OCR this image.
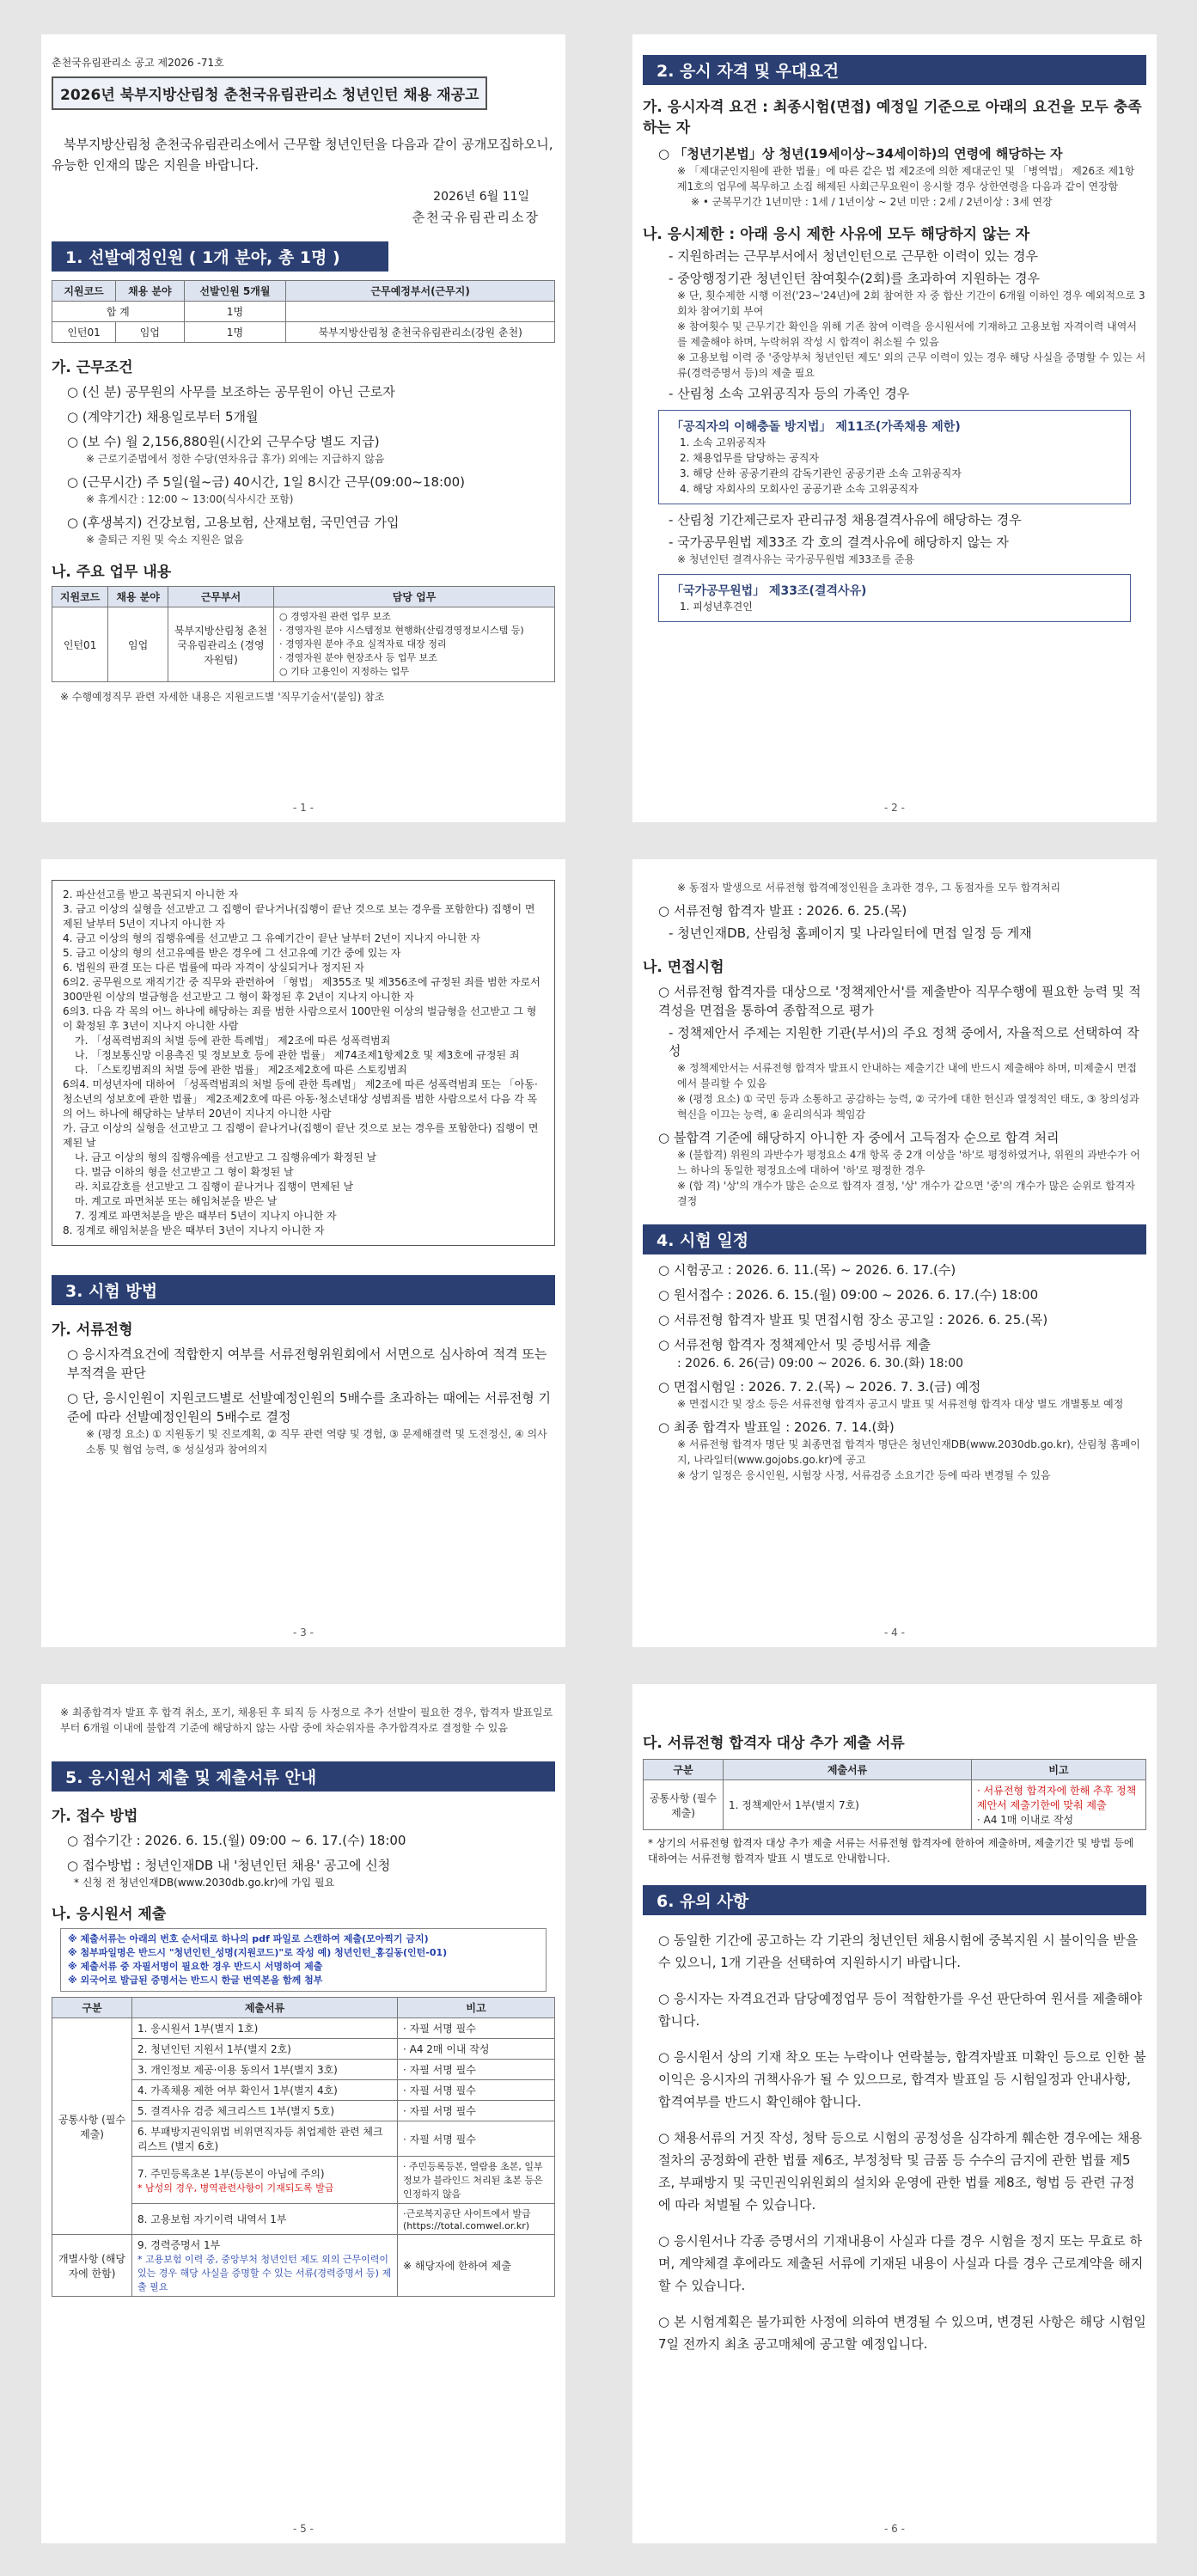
춘천국유림관리소 공고 제2026 -71호
2026년 북부지방산림청 춘천국유림관리소 청년인턴 채용 재공고
북부지방산림청 춘천국유림관리소에서 근무할 청년인턴을 다음과 같이 공개모집하오니, 유능한 인재의 많은 지원을 바랍니다.
2026년 6월 11일
춘천국유림관리소장
1. 선발예정인원 ( 1개 분야, 총 1명 )
지원코드	채용 분야	선발인원 5개월	근무예정부서(근무지)
합 계		1명	
인턴01	임업	1명	북부지방산림청 춘천국유림관리소(강원 춘천)
가. 근무조건
○ (신 분) 공무원의 사무를 보조하는 공무원이 아닌 근로자
○ (계약기간) 채용일로부터 5개월
○ (보 수) 월 2,156,880원(시간외 근무수당 별도 지급)
※ 근로기준법에서 정한 수당(연차유급 휴가) 외에는 지급하지 않음
○ (근무시간) 주 5일(월~금) 40시간, 1일 8시간 근무(09:00~18:00)
※ 휴게시간 : 12:00 ~ 13:00(식사시간 포함)
○ (후생복지) 건강보험, 고용보험, 산재보험, 국민연금 가입
※ 출퇴근 지원 및 숙소 지원은 없음
나. 주요 업무 내용
지원코드	채용 분야	근무부서	담당 업무
인턴01	임업	북부지방산림청 춘천국유림관리소 (경영자원팀)	○ 경영자원 관련 업무 보조
· 경영자원 분야 시스템정보 현행화(산림경영정보시스템 등)
· 경영자원 분야 주요 실적자료 대장 정리
· 경영자원 분야 현장조사 등 업무 보조
○ 기타 고용인이 지정하는 업무
※ 수행예정직무 관련 자세한 내용은 지원코드별 '직무기술서'(붙임) 참조
- 1 -
2. 응시 자격 및 우대요건
가. 응시자격 요건 : 최종시험(면접) 예정일 기준으로 아래의 요건을 모두 충족하는 자
○ 「청년기본법」상 청년(19세이상~34세이하)의 연령에 해당하는 자
※ 「제대군인지원에 관한 법률」에 따른 같은 법 제2조에 의한 제대군인 및 「병역법」 제26조 제1항 제1호의 업무에 복무하고 소집 해제된 사회근무요원이 응시할 경우 상한연령을 다음과 같이 연장함
※ • 군복무기간 1년미만 : 1세 / 1년이상 ~ 2년 미만 : 2세 / 2년이상 : 3세 연장
나. 응시제한 : 아래 응시 제한 사유에 모두 해당하지 않는 자
- 지원하려는 근무부서에서 청년인턴으로 근무한 이력이 있는 경우
- 중앙행정기관 청년인턴 참여횟수(2회)를 초과하여 지원하는 경우
※ 단, 횟수제한 시행 이전('23~'24년)에 2회 참여한 자 중 합산 기간이 6개월 이하인 경우 예외적으로 3회차 참여기회 부여
※ 참여횟수 및 근무기간 확인을 위해 기존 참여 이력을 응시원서에 기재하고 고용보험 자격이력 내역서를 제출해야 하며, 누락허위 작성 시 합격이 취소될 수 있음
※ 고용보험 이력 중 '중앙부처 청년인턴 제도' 외의 근무 이력이 있는 경우 해당 사실을 증명할 수 있는 서류(경력증명서 등)의 제출 필요
- 산림청 소속 고위공직자 등의 가족인 경우
「공직자의 이해충돌 방지법」 제11조(가족채용 제한)
1. 소속 고위공직자
2. 채용업무를 담당하는 공직자
3. 해당 산하 공공기관의 감독기관인 공공기관 소속 고위공직자
4. 해당 자회사의 모회사인 공공기관 소속 고위공직자
- 산림청 기간제근로자 관리규정 채용결격사유에 해당하는 경우
- 국가공무원법 제33조 각 호의 결격사유에 해당하지 않는 자
※ 청년인턴 결격사유는 국가공무원법 제33조를 준용
「국가공무원법」 제33조(결격사유)
1. 피성년후견인
- 2 -
2. 파산선고를 받고 복권되지 아니한 자
3. 금고 이상의 실형을 선고받고 그 집행이 끝나거나(집행이 끝난 것으로 보는 경우를 포함한다) 집행이 면제된 날부터 5년이 지나지 아니한 자
4. 금고 이상의 형의 집행유예를 선고받고 그 유예기간이 끝난 날부터 2년이 지나지 아니한 자
5. 금고 이상의 형의 선고유예를 받은 경우에 그 선고유예 기간 중에 있는 자
6. 법원의 판결 또는 다른 법률에 따라 자격이 상실되거나 정지된 자
6의2. 공무원으로 재직기간 중 직무와 관련하여 「형법」 제355조 및 제356조에 규정된 죄를 범한 자로서 300만원 이상의 벌금형을 선고받고 그 형이 확정된 후 2년이 지나지 아니한 자
6의3. 다음 각 목의 어느 하나에 해당하는 죄를 범한 사람으로서 100만원 이상의 벌금형을 선고받고 그 형이 확정된 후 3년이 지나지 아니한 사람
가. 「성폭력범죄의 처벌 등에 관한 특례법」 제2조에 따른 성폭력범죄
나. 「정보통신망 이용촉진 및 정보보호 등에 관한 법률」 제74조제1항제2호 및 제3호에 규정된 죄
다. 「스토킹범죄의 처벌 등에 관한 법률」 제2조제2호에 따른 스토킹범죄
6의4. 미성년자에 대하여 「성폭력범죄의 처벌 등에 관한 특례법」 제2조에 따른 성폭력범죄 또는 「아동·청소년의 성보호에 관한 법률」 제2조제2호에 따른 아동·청소년대상 성범죄를 범한 사람으로서 다음 각 목의 어느 하나에 해당하는 날부터 20년이 지나지 아니한 사람
가. 금고 이상의 실형을 선고받고 그 집행이 끝나거나(집행이 끝난 것으로 보는 경우를 포함한다) 집행이 면제된 날
나. 금고 이상의 형의 집행유예를 선고받고 그 집행유예가 확정된 날
다. 벌금 이하의 형을 선고받고 그 형이 확정된 날
라. 치료감호를 선고받고 그 집행이 끝나거나 집행이 면제된 날
마. 계고로 파면처분 또는 해임처분을 받은 날
7. 징계로 파면처분을 받은 때부터 5년이 지나지 아니한 자
8. 징계로 해임처분을 받은 때부터 3년이 지나지 아니한 자
3. 시험 방법
가. 서류전형
○ 응시자격요건에 적합한지 여부를 서류전형위원회에서 서면으로 심사하여 적격 또는 부적격을 판단
○ 단, 응시인원이 지원코드별로 선발예정인원의 5배수를 초과하는 때에는 서류전형 기준에 따라 선발예정인원의 5배수로 결정
※ (평정 요소) ① 지원동기 및 진로계획, ② 직무 관련 역량 및 경험, ③ 문제해결력 및 도전정신, ④ 의사소통 및 협업 능력, ⑤ 성실성과 참여의지
- 3 -
※ 동점자 발생으로 서류전형 합격예정인원을 초과한 경우, 그 동점자를 모두 합격처리
○ 서류전형 합격자 발표 : 2026. 6. 25.(목)
- 청년인재DB, 산림청 홈페이지 및 나라일터에 면접 일정 등 게재
나. 면접시험
○ 서류전형 합격자를 대상으로 '정책제안서'를 제출받아 직무수행에 필요한 능력 및 적격성을 면접을 통하여 종합적으로 평가
- 정책제안서 주제는 지원한 기관(부서)의 주요 정책 중에서, 자율적으로 선택하여 작성
※ 정책제안서는 서류전형 합격자 발표시 안내하는 제출기간 내에 반드시 제출해야 하며, 미제출시 면접에서 불리할 수 있음
※ (평정 요소) ① 국민 등과 소통하고 공감하는 능력, ② 국가에 대한 헌신과 열정적인 태도, ③ 창의성과 혁신을 이끄는 능력, ④ 윤리의식과 책임감
○ 불합격 기준에 해당하지 아니한 자 중에서 고득점자 순으로 합격 처리
※ (불합격) 위원의 과반수가 평정요소 4개 항목 중 2개 이상을 '하'로 평정하였거나, 위원의 과반수가 어느 하나의 동일한 평정요소에 대하여 '하'로 평정한 경우
※ (합 격) '상'의 개수가 많은 순으로 합격자 결정, '상' 개수가 같으면 '중'의 개수가 많은 순위로 합격자 결정
4. 시험 일정
○ 시험공고 : 2026. 6. 11.(목) ~ 2026. 6. 17.(수)
○ 원서접수 : 2026. 6. 15.(월) 09:00 ~ 2026. 6. 17.(수) 18:00
○ 서류전형 합격자 발표 및 면접시험 장소 공고일 : 2026. 6. 25.(목)
○ 서류전형 합격자 정책제안서 및 증빙서류 제출
: 2026. 6. 26(금) 09:00 ~ 2026. 6. 30.(화) 18:00
○ 면접시험일 : 2026. 7. 2.(목) ~ 2026. 7. 3.(금) 예정
※ 면접시간 및 장소 등은 서류전형 합격자 공고시 발표 및 서류전형 합격자 대상 별도 개별통보 예정
○ 최종 합격자 발표일 : 2026. 7. 14.(화)
※ 서류전형 합격자 명단 및 최종면접 합격자 명단은 청년인재DB(www.2030db.go.kr), 산림청 홈페이지, 나라일터(www.gojobs.go.kr)에 공고
※ 상기 일정은 응시인원, 시험장 사정, 서류검증 소요기간 등에 따라 변경될 수 있음
- 4 -
※ 최종합격자 발표 후 합격 취소, 포기, 채용된 후 퇴직 등 사정으로 추가 선발이 필요한 경우, 합격자 발표일로부터 6개월 이내에 불합격 기준에 해당하지 않는 사람 중에 차순위자를 추가합격자로 결정할 수 있음
5. 응시원서 제출 및 제출서류 안내
가. 접수 방법
○ 접수기간 : 2026. 6. 15.(월) 09:00 ~ 6. 17.(수) 18:00
○ 접수방법 : 청년인재DB 내 '청년인턴 채용' 공고에 신청
* 신청 전 청년인재DB(www.2030db.go.kr)에 가입 필요
나. 응시원서 제출
※ 제출서류는 아래의 번호 순서대로 하나의 pdf 파일로 스캔하여 제출(모아찍기 금지)
※ 첨부파일명은 반드시 "청년인턴_성명(지원코드)"로 작성 예) 청년인턴_홍길동(인턴-01)
※ 제출서류 중 자필서명이 필요한 경우 반드시 서명하여 제출
※ 외국어로 발급된 증명서는 반드시 한글 번역본을 함께 첨부
구분	제출서류	비고
공통사항 (필수제출)	1. 응시원서 1부(별지 1호)	· 자필 서명 필수
	2. 청년인턴 지원서 1부(별지 2호)	· A4 2매 이내 작성
	3. 개인정보 제공·이용 동의서 1부(별지 3호)	· 자필 서명 필수
	4. 가족채용 제한 여부 확인서 1부(별지 4호)	· 자필 서명 필수
	5. 결격사유 검증 체크리스트 1부(별지 5호)	· 자필 서명 필수
	6. 부패방지권익위법 비위면직자등 취업제한 관련 체크리스트 (별지 6호)	· 자필 서명 필수

	7. 주민등록초본 1부(등본이 아님에 주의)
* 남성의 경우, 병역관련사항이 기재되도록 발급	· 주민등록등본, 열람용 초본, 일부 정보가 블라인드 처리된 초본 등은 인정하지 않음
	8. 고용보험 자기이력 내역서 1부	·근로복지공단 사이트에서 발급 (https://total.comwel.or.kr)
개별사항 (해당자에 한함)	9. 경력증명서 1부
* 고용보험 이력 중, 중앙부처 청년인턴 제도 외의 근무이력이 있는 경우 해당 사실을 증명할 수 있는 서류(경력증명서 등) 제출 필요	※ 해당자에 한하여 제출
- 5 -
다. 서류전형 합격자 대상 추가 제출 서류
구분	제출서류	비고
공통사항 (필수제출)	1. 정책제안서 1부(별지 7호)	· 서류전형 합격자에 한해 추후 정책제안서 제출기한에 맞춰 제출
· A4 1매 이내로 작성
* 상기의 서류전형 합격자 대상 추가 제출 서류는 서류전형 합격자에 한하여 제출하며, 제출기간 및 방법 등에 대하여는 서류전형 합격자 발표 시 별도로 안내합니다.
6. 유의 사항
○ 동일한 기간에 공고하는 각 기관의 청년인턴 채용시험에 중복지원 시 불이익을 받을 수 있으니, 1개 기관을 선택하여 지원하시기 바랍니다.
○ 응시자는 자격요건과 담당예정업무 등이 적합한가를 우선 판단하여 원서를 제출해야 합니다.
○ 응시원서 상의 기재 착오 또는 누락이나 연락불능, 합격자발표 미확인 등으로 인한 불이익은 응시자의 귀책사유가 될 수 있으므로, 합격자 발표일 등 시험일정과 안내사항, 합격여부를 반드시 확인해야 합니다.
○ 채용서류의 거짓 작성, 청탁 등으로 시험의 공정성을 심각하게 훼손한 경우에는 채용절차의 공정화에 관한 법률 제6조, 부정청탁 및 금품 등 수수의 금지에 관한 법률 제5조, 부패방지 및 국민권익위원회의 설치와 운영에 관한 법률 제8조, 형법 등 관련 규정에 따라 처벌될 수 있습니다.
○ 응시원서나 각종 증명서의 기재내용이 사실과 다를 경우 시험을 정지 또는 무효로 하며, 계약체결 후에라도 제출된 서류에 기재된 내용이 사실과 다를 경우 근로계약을 해지할 수 있습니다.
○ 본 시험계획은 불가피한 사정에 의하여 변경될 수 있으며, 변경된 사항은 해당 시험일 7일 전까지 최초 공고매체에 공고할 예정입니다.
- 6 -
